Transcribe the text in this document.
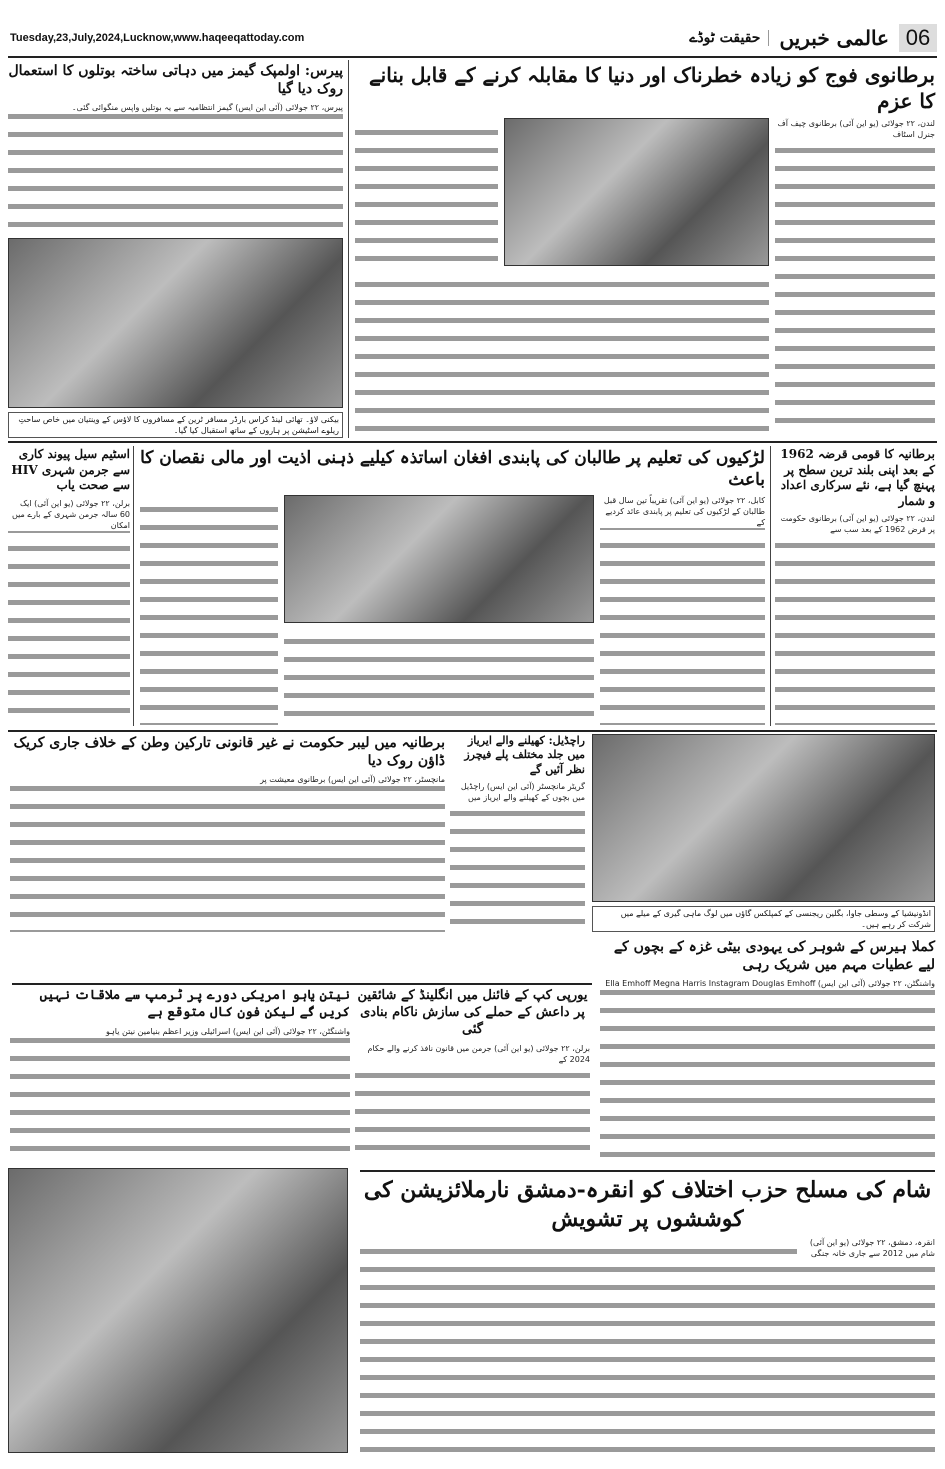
Tuesday,23,July,2024,Lucknow,www.haqeeqattoday.com	06
عالمی خبریں
حقیقت ٹوڈے
برطانوی فوج کو زیادہ خطرناک اور دنیا کا مقابلہ کرنے کے قابل بنانے کا عزم
لندن، ۲۲ جولائی (یو این آئی) برطانوی چیف آف جنرل اسٹاف
پیرس: اولمپک گیمز میں دہاتی ساختہ بوتلوں کا استعمال روک دیا گیا
پیرس، ۲۲ جولائی (آئی این ایس) گیمز انتظامیہ سے یہ بوتلیں واپس منگوائی گئی۔
بیکنی لاؤ۔ تھائی لینڈ کراس بارڈر مسافر ٹرین کے مسافروں کا لاؤس کے وینتیان میں خاص ساحتِ ریلوے اسٹیشن پر ہاروں کے ساتھ استقبال کیا گیا۔
برطانیہ کا قومی قرضہ 1962 کے بعد اپنی بلند ترین سطح پر پہنچ گیا ہے، نئے سرکاری اعداد و شمار
لندن، ۲۲ جولائی (یو این آئی) برطانوی حکومت پر قرض 1962 کے بعد سب سے
لڑکیوں کی تعلیم پر طالبان کی پابندی افغان اساتذہ کیلیے ذہنی اذیت اور مالی نقصان کا باعث
کابل، ۲۲ جولائی (یو این آئی) تقریباً تین سال قبل طالبان کے لڑکیوں کی تعلیم پر پابندی عائد کردیے کے
اسٹیم سیل پیوند کاری سے جرمن شہری HIV سے صحت یاب
برلن، ۲۲ جولائی (یو این آئی) ایک 60 سالہ جرمن شہری کے بارے میں امکان
انڈونیشیا کے وسطی جاوا، بگلین ریجنسی کے کمپلکس گاؤں میں لوگ ماہی گیری کے میلے میں شرکت کر رہے ہیں۔
راچڈیل: کھیلنے والے ایریاز میں جلد مختلف پلے فیچرز نظر آئیں گے
گریٹر مانچسٹر (آئی این ایس) راچڈیل میں بچوں کے کھیلنے والے ایریاز میں
برطانیہ میں لیبر حکومت نے غیر قانونی تارکین وطن کے خلاف جاری کریک ڈاؤن روک دیا
مانچسٹر، ۲۲ جولائی (آئی این ایس) برطانوی معیشت پر
کملا ہیرس کے شوہر کی یہودی بیٹی غزہ کے بچوں کے لیے عطیات مہم میں شریک رہی
واشنگٹن، ۲۲ جولائی (آئی این ایس) Ella Emhoff Megna Harris Instagram Douglas Emhoff
یورپی کپ کے فائنل میں انگلینڈ کے شائقین پر داعش کے حملے کی سازش ناکام بنادی گئی
برلن، ۲۲ جولائی (یو این آئی) جرمن میں قانون نافذ کرنے والے حکام 2024 کے
نیتن یاہو امریکی دورے پر ٹرمپ سے ملاقات نہیں کریں گے لیکن فون کال متوقع ہے
واشنگٹن، ۲۲ جولائی (آئی این ایس) اسرائیلی وزیر اعظم بنیامین نیتن یاہو
شام کی مسلح حزب اختلاف کو انقرہ-دمشق نارملائزیشن کی کوششوں پر تشویش
انقرہ، دمشق، ۲۲ جولائی (یو این آئی) شام میں 2012 سے جاری خانہ جنگی
